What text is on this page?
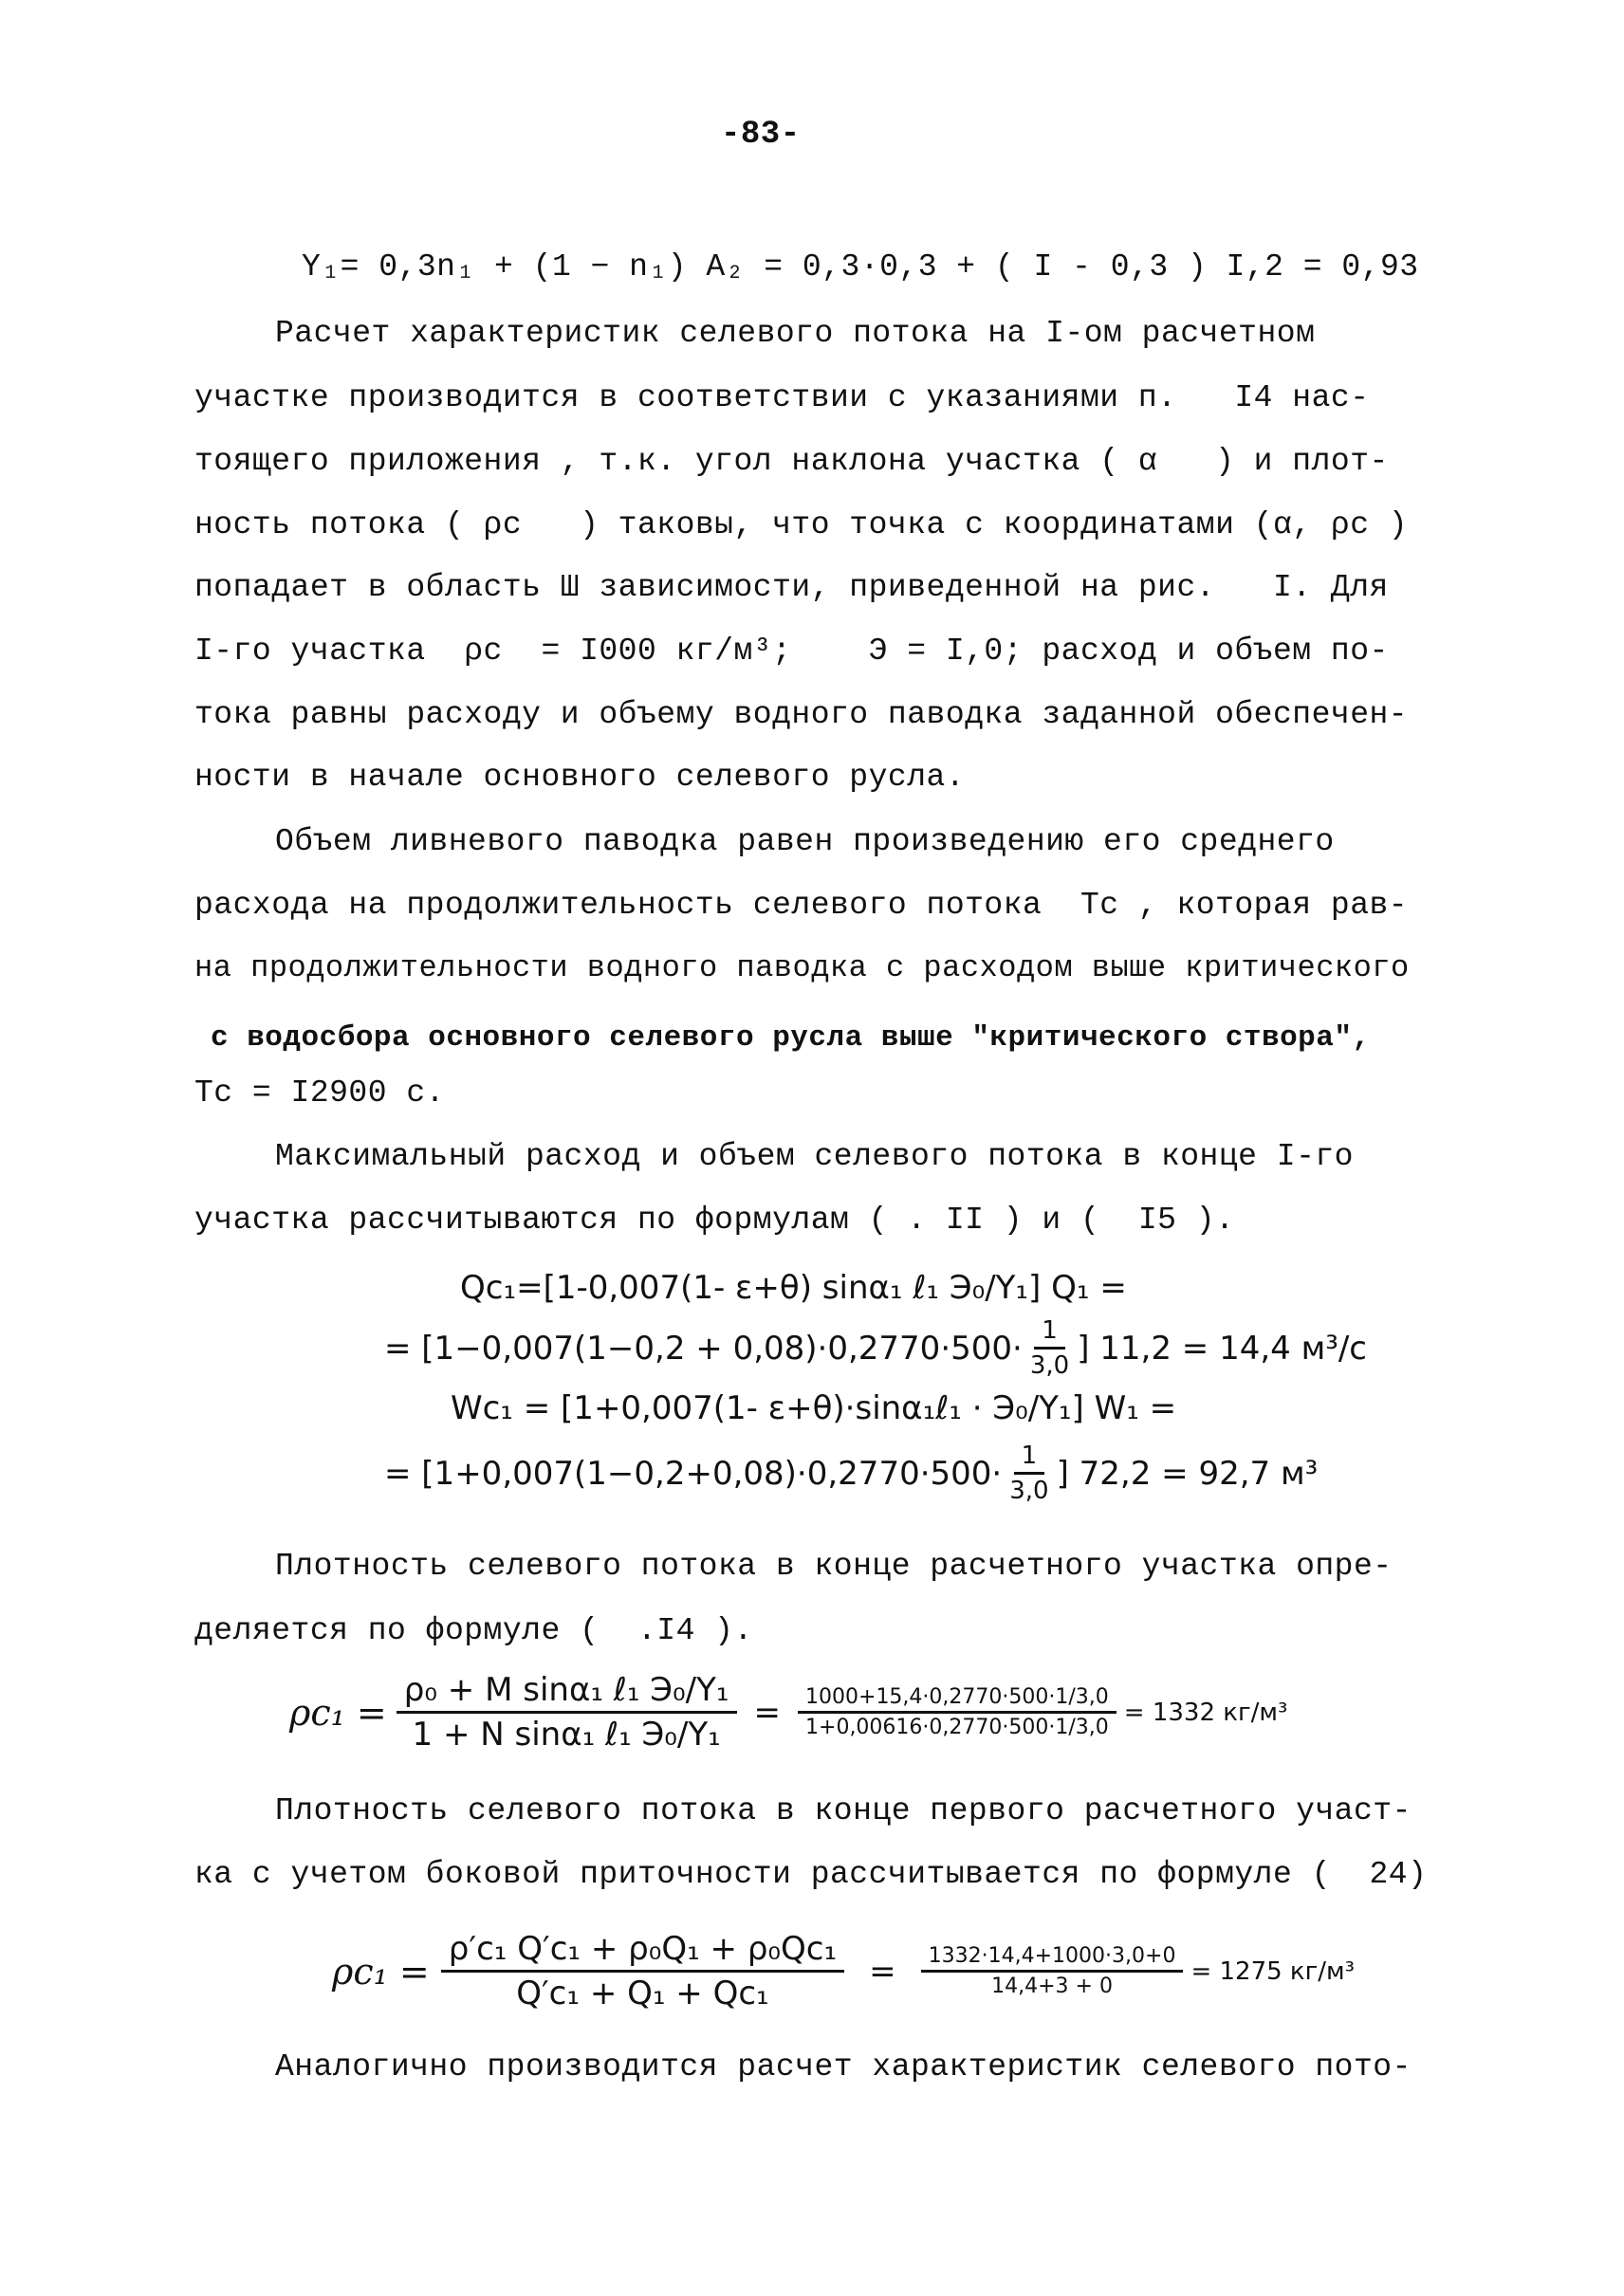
-83-
Y₁= 0,3n₁ + (1 − n₁) A₂ = 0,3·0,3 + ( I - 0,3 ) I,2 = 0,93
Расчет характеристик селевого потока на I-ом расчетном
участке производится в соответствии с указаниями п.   I4 нас-
тоящего приложения , т.к. угол наклона участка ( α   ) и плот-
ность потока ( ρc   ) таковы, что точка с координатами (α, ρc )
попадает в область Ш зависимости, приведенной на рис.   I. Для
I-го участка  ρc  = I000 кг/м³;    Э = I,0; расход и объем по-
тока равны расходу и объему водного паводка заданной обеспечен-
ности в начале основного селевого русла.
Объем ливневого паводка равен произведению его среднего
расхода на продолжительность селевого потока  Tc , которая рав-
на продолжительности водного паводка с расходом выше критического
с водосбора основного селевого русла выше "критического створа",
Tc = I2900 c.
Максимальный расход и объем селевого потока в конце I-го
участка рассчитываются по формулам ( . II ) и (  I5 ).
Qc₁=[1-0,007(1- ε+θ) sinα₁ ℓ₁ Э₀/Y₁] Q₁ =
= [$1-0,007(1-0,2 + 0,08)\cdot 0,2770\cdot 500\cdot \frac{1}{3,0}$ ] 11,2 = 14,4 м³/с
Wc₁ = [1+0,007(1- ε+θ)·sinα₁ℓ₁ · Э₀/Y₁] W₁ =
= [$1+0,007(1-0,2+0,08)\cdot 0,2770\cdot 500\cdot \frac{1}{3,0}$ ] 72,2 = 92,7 м³
Плотность селевого потока в конце расчетного участка опре-
деляется по формуле (  .I4 ).
$\rho c_1 = \frac{\text{ρ₀ + M sinα₁ ℓ₁ Э₀/Y₁}}{\text{1 + N sinα₁ ℓ₁ Э₀/Y₁}} = \frac{1000+15,4\cdot 0,2770\cdot 500\cdot 1/3,0}{1+0,00616\cdot 0,2770\cdot 500\cdot 1/3,0} = 1332$ кг/м³
Плотность селевого потока в конце первого расчетного участ-
ка с учетом боковой приточности рассчитывается по формуле (  24)
$\rho c_1 = \frac{\text{ρ′c₁ Q′c₁ + ρ₀Q₁ + ρ₀Qc₁}}{\text{Q′c₁ + Q₁ + Qc₁}} = \frac{1332\cdot 14,4+1000\cdot 3,0+0}{14,4+3 + 0} = 1275$ кг/м³
Аналогично производится расчет характеристик селевого пото-
